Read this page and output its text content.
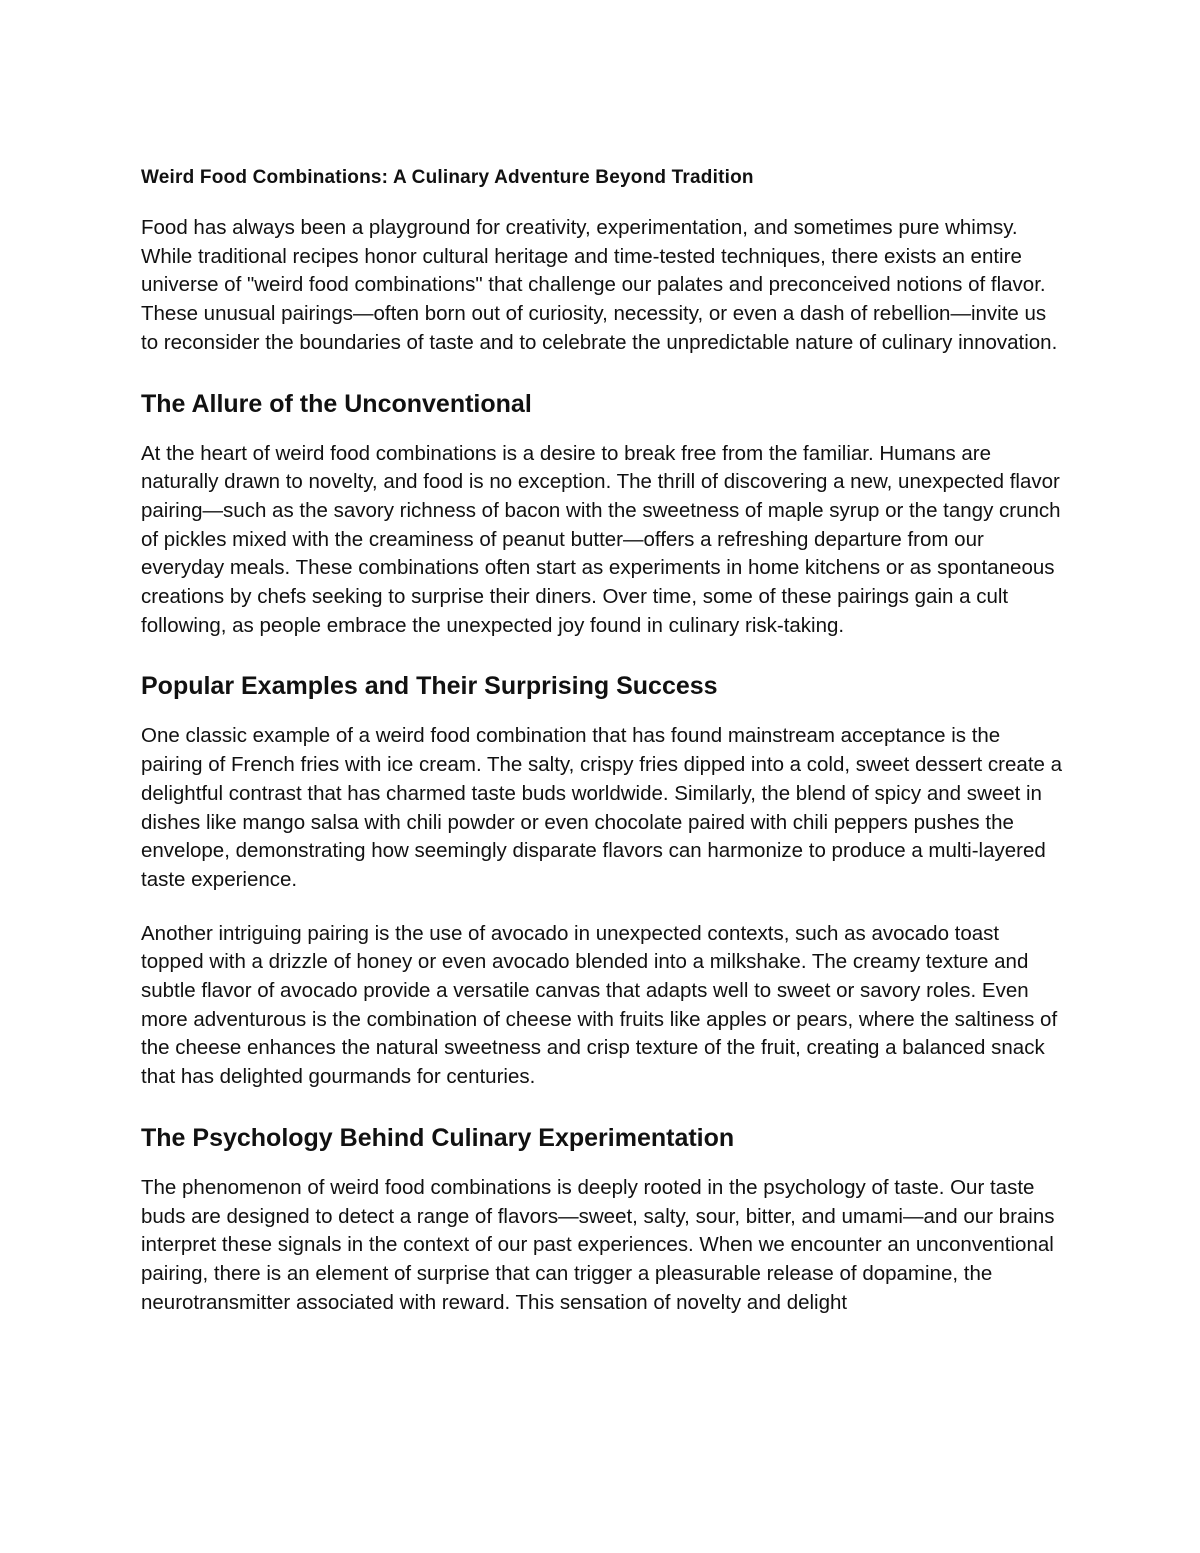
Weird Food Combinations: A Culinary Adventure Beyond Tradition

Food has always been a playground for creativity, experimentation, and sometimes pure whimsy. While traditional recipes honor cultural heritage and time-tested techniques, there exists an entire universe of "weird food combinations" that challenge our palates and preconceived notions of flavor. These unusual pairings—often born out of curiosity, necessity, or even a dash of rebellion—invite us to reconsider the boundaries of taste and to celebrate the unpredictable nature of culinary innovation.

The Allure of the Unconventional

At the heart of weird food combinations is a desire to break free from the familiar. Humans are naturally drawn to novelty, and food is no exception. The thrill of discovering a new, unexpected flavor pairing—such as the savory richness of bacon with the sweetness of maple syrup or the tangy crunch of pickles mixed with the creaminess of peanut butter—offers a refreshing departure from our everyday meals. These combinations often start as experiments in home kitchens or as spontaneous creations by chefs seeking to surprise their diners. Over time, some of these pairings gain a cult following, as people embrace the unexpected joy found in culinary risk-taking.

Popular Examples and Their Surprising Success

One classic example of a weird food combination that has found mainstream acceptance is the pairing of French fries with ice cream. The salty, crispy fries dipped into a cold, sweet dessert create a delightful contrast that has charmed taste buds worldwide. Similarly, the blend of spicy and sweet in dishes like mango salsa with chili powder or even chocolate paired with chili peppers pushes the envelope, demonstrating how seemingly disparate flavors can harmonize to produce a multi-layered taste experience.

Another intriguing pairing is the use of avocado in unexpected contexts, such as avocado toast topped with a drizzle of honey or even avocado blended into a milkshake. The creamy texture and subtle flavor of avocado provide a versatile canvas that adapts well to sweet or savory roles. Even more adventurous is the combination of cheese with fruits like apples or pears, where the saltiness of the cheese enhances the natural sweetness and crisp texture of the fruit, creating a balanced snack that has delighted gourmands for centuries.

The Psychology Behind Culinary Experimentation

The phenomenon of weird food combinations is deeply rooted in the psychology of taste. Our taste buds are designed to detect a range of flavors—sweet, salty, sour, bitter, and umami—and our brains interpret these signals in the context of our past experiences. When we encounter an unconventional pairing, there is an element of surprise that can trigger a pleasurable release of dopamine, the neurotransmitter associated with reward. This sensation of novelty and delight
